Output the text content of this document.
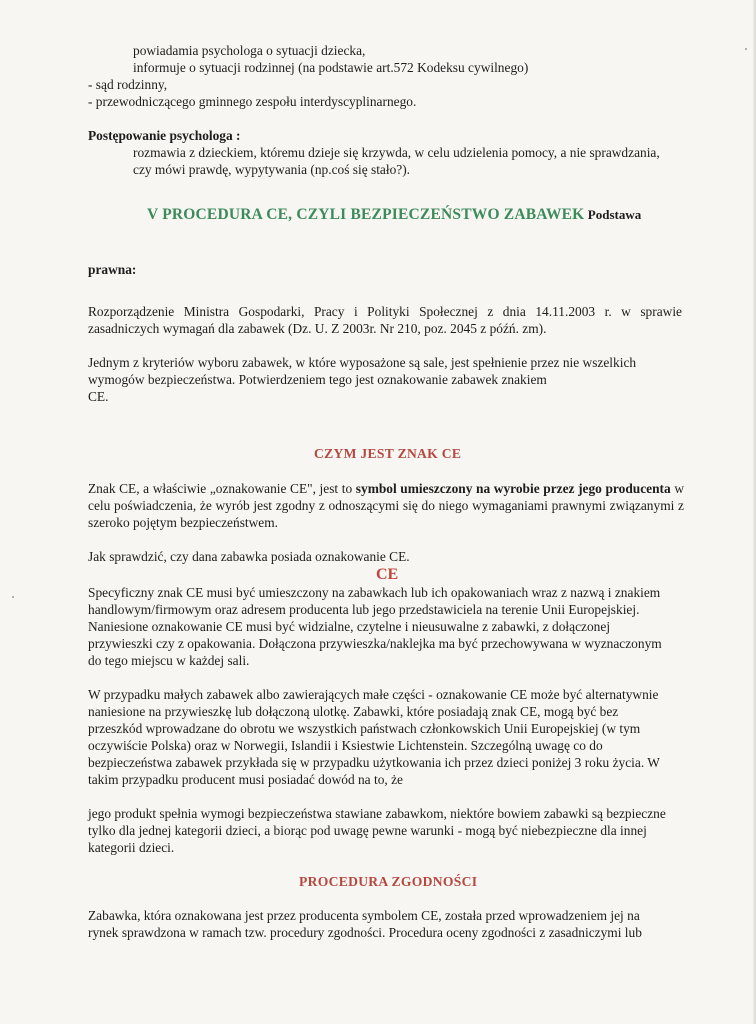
powiadamia psychologa o sytuacji dziecka,
informuje o sytuacji rodzinnej (na podstawie art.572 Kodeksu cywilnego)
- sąd rodzinny,
- przewodniczącego gminnego zespołu interdyscyplinarnego.
Postępowanie psychologa :
rozmawia z dzieckiem, któremu dzieje się krzywda, w celu udzielenia pomocy, a nie sprawdzania,
czy mówi prawdę, wypytywania (np.coś się stało?).
V PROCEDURA CE, CZYLI BEZPIECZEŃSTWO ZABAWEK Podstawa
prawna:
Rozporządzenie Ministra Gospodarki, Pracy i Polityki Społecznej z dnia 14.11.2003 r. w sprawie zasadniczych wymagań dla zabawek (Dz. U. Z 2003r. Nr 210, poz. 2045 z późń. zm).
Jednym z kryteriów wyboru zabawek, w które wyposażone są sale, jest spełnienie przez nie wszelkich
wymogów bezpieczeństwa. Potwierdzeniem tego jest oznakowanie zabawek znakiem
CE.
CZYM JEST ZNAK CE
Znak CE, a właściwie „oznakowanie CE", jest to symbol umieszczony na wyrobie przez jego producenta w celu poświadczenia, że wyrób jest zgodny z odnoszącymi się do niego wymaganiami prawnymi związanymi z szeroko pojętym bezpieczeństwem.
Jak sprawdzić, czy dana zabawka posiada oznakowanie CE.
CE
Specyficzny znak CE musi być umieszczony na zabawkach lub ich opakowaniach wraz z nazwą i znakiem
handlowym/firmowym oraz adresem producenta lub jego przedstawiciela na terenie Unii Europejskiej.
Naniesione oznakowanie CE musi być widzialne, czytelne i nieusuwalne z zabawki, z dołączonej
przywieszki czy z opakowania. Dołączona przywieszka/naklejka ma być przechowywana w wyznaczonym
do tego miejscu w każdej sali.
W przypadku małych zabawek albo zawierających małe części - oznakowanie CE może być alternatywnie
naniesione na przywieszkę lub dołączoną ulotkę. Zabawki, które posiadają znak CE, mogą być bez
przeszkód wprowadzane do obrotu we wszystkich państwach członkowskich Unii Europejskiej (w tym
oczywiście Polska) oraz w Norwegii, Islandii i Ksiestwie Lichtenstein. Szczególną uwagę co do
bezpieczeństwa zabawek przykłada się w przypadku użytkowania ich przez dzieci poniżej 3 roku życia. W
takim przypadku producent musi posiadać dowód na to, że
jego produkt spełnia wymogi bezpieczeństwa stawiane zabawkom, niektóre bowiem zabawki są bezpieczne
tylko dla jednej kategorii dzieci, a biorąc pod uwagę pewne warunki - mogą być niebezpieczne dla innej
kategorii dzieci.
PROCEDURA ZGODNOŚCI
Zabawka, która oznakowana jest przez producenta symbolem CE, została przed wprowadzeniem jej na
rynek sprawdzona w ramach tzw. procedury zgodności. Procedura oceny zgodności z zasadniczymi lub
